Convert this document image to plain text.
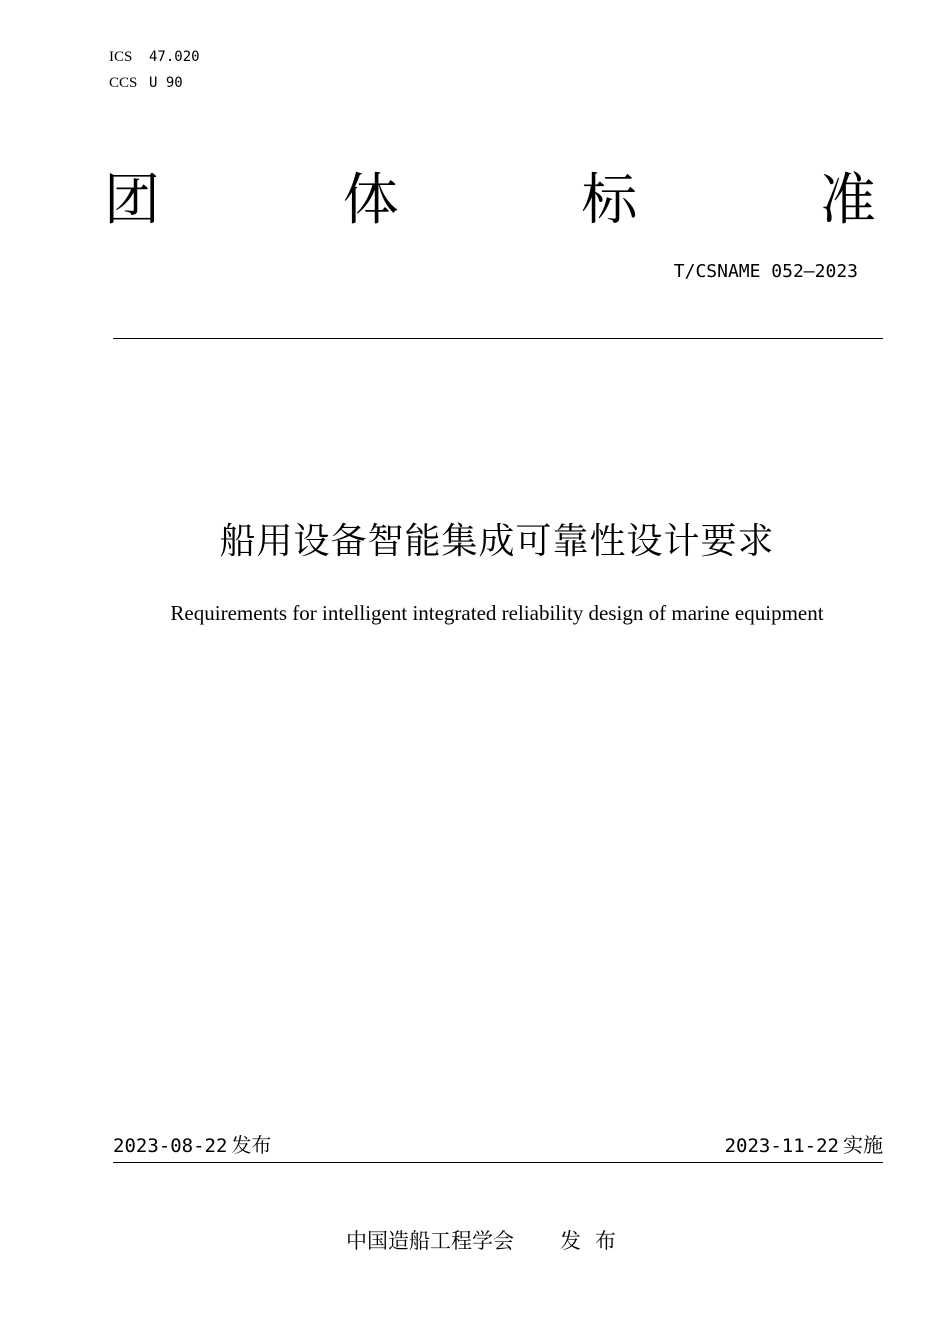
ICS	47.020
CCS U 90
团	体	标	准
T/CSNAME 052—2023
船用设备智能集成可靠性设计要求
Requirements for intelligent integrated reliability design of marine equipment
2023-08-22 发布	2023-11-22 实施
中国造船工程学会 发布
